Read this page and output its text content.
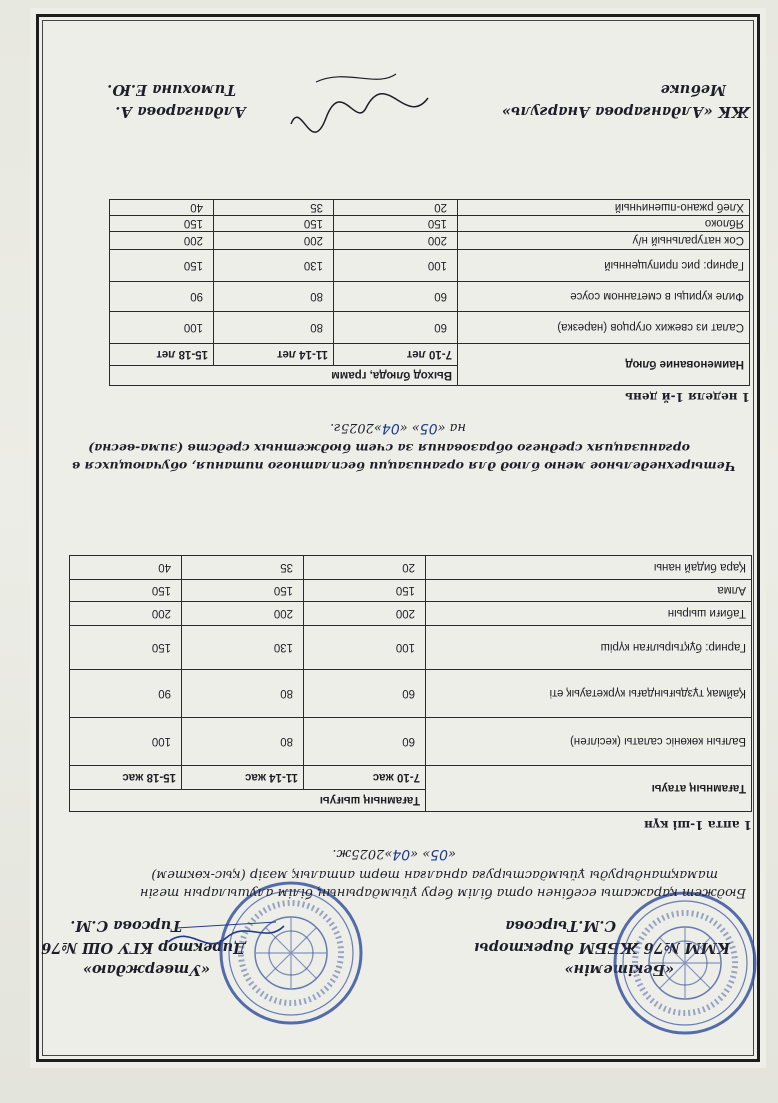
«Бекітемін»
КММ №76 ЖББМ директоры
С.М.Тырсова
«Утверждаю»
Директор КГУ ОШ №76
Тирсова С.М.
Бюджет қаражаты есебінен орта білім беру ұйымдарының білім алушыларын тегін
тамақтандыруды ұйымдастыруға арналған төрт апталық мәзір (қыс-көктем)
«05» «04»2025ж.
1 апта 1-ші күн
Тағамның атауы	Тағамның шығуы		
	7-10 жас	11-14 жас	15-18 жас
Балғын көкөніс салаты (кесілген)	60	80	100
Қаймақ тұздығындағы күркетауық еті	60	80	90
Гарнир: бұқтырылған күріш	100	130	150
Табиғи шырын	200	200	200
Алма	150	150	150
Қара бидай наны	20	35	40
Четырехнедельное меню блюд для организации бесплатного питания, обучающихся в
организациях среднего образования за счет бюджетных средств (зима-весна)
на «05» «04»2025г.
1 неделя 1-й день
Наименование блюд	Выход блюда, грамм		
	7-10 лет	11-14 лет	15-18 лет
Салат из свежих огурцов (нарезка)	60	80	100
Филе курицы в сметанном соусе	60	80	90
Гарнир: рис припущенный	100	130	150
Сок натуральный н/у	200	200	200
Яблоко	150	150	150
Хлеб ржано-пшеничный	20	35	40
ЖК «Алданғарова Анаргуль»
Мебике
Алдангарова А.
Тимохина Е.Ю.
